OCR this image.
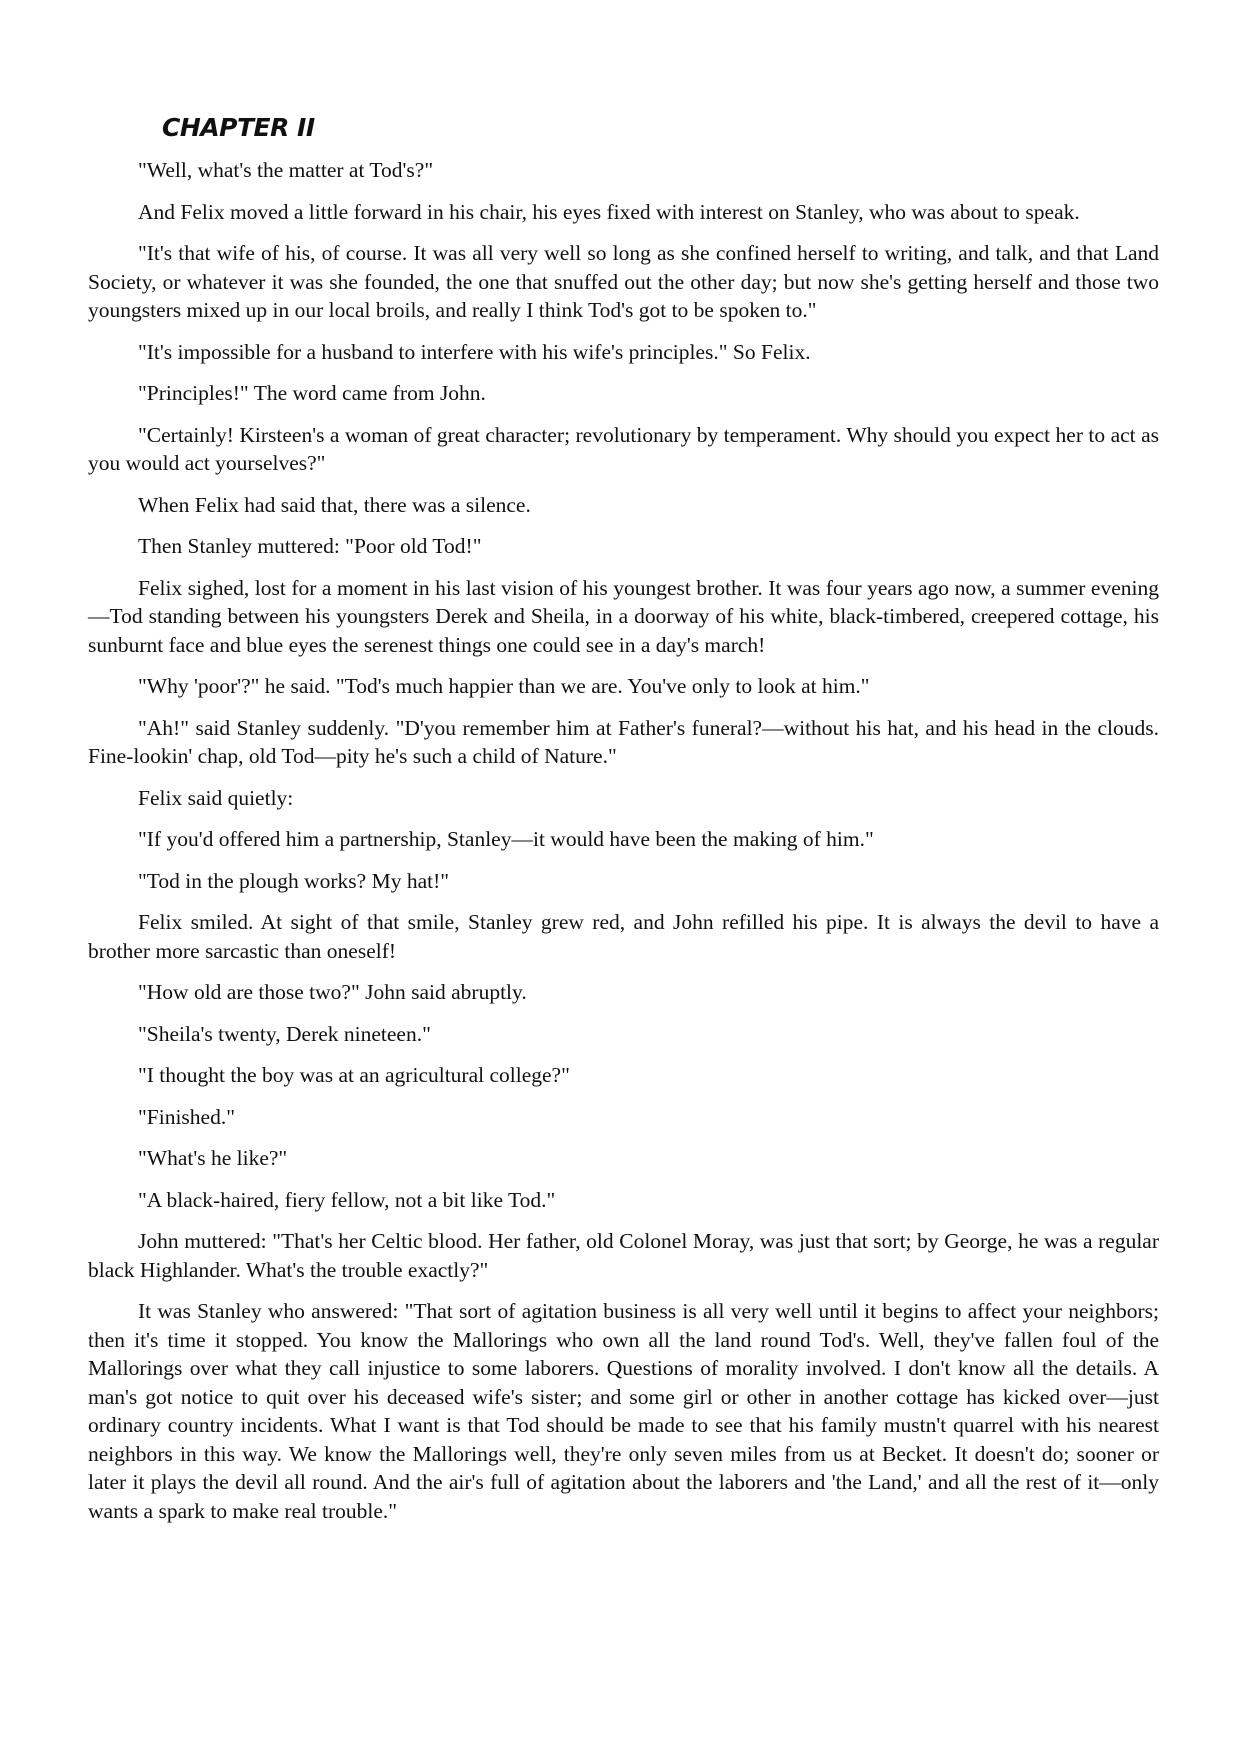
CHAPTER II

"Well, what's the matter at Tod's?"

And Felix moved a little forward in his chair, his eyes fixed with interest on Stanley, who was about to speak.

"It's that wife of his, of course. It was all very well so long as she confined herself to writing, and talk, and that Land Society, or whatever it was she founded, the one that snuffed out the other day; but now she's getting herself and those two youngsters mixed up in our local broils, and really I think Tod's got to be spoken to."

"It's impossible for a husband to interfere with his wife's principles." So Felix.

"Principles!" The word came from John.

"Certainly! Kirsteen's a woman of great character; revolutionary by temperament. Why should you expect her to act as you would act yourselves?"

When Felix had said that, there was a silence.

Then Stanley muttered: "Poor old Tod!"

Felix sighed, lost for a moment in his last vision of his youngest brother. It was four years ago now, a summer evening—Tod standing between his youngsters Derek and Sheila, in a doorway of his white, black-timbered, creepered cottage, his sunburnt face and blue eyes the serenest things one could see in a day's march!

"Why 'poor'?" he said. "Tod's much happier than we are. You've only to look at him."

"Ah!" said Stanley suddenly. "D'you remember him at Father's funeral?—without his hat, and his head in the clouds. Fine-lookin' chap, old Tod—pity he's such a child of Nature."

Felix said quietly:

"If you'd offered him a partnership, Stanley—it would have been the making of him."

"Tod in the plough works? My hat!"

Felix smiled. At sight of that smile, Stanley grew red, and John refilled his pipe. It is always the devil to have a brother more sarcastic than oneself!

"How old are those two?" John said abruptly.

"Sheila's twenty, Derek nineteen."

"I thought the boy was at an agricultural college?"

"Finished."

"What's he like?"

"A black-haired, fiery fellow, not a bit like Tod."

John muttered: "That's her Celtic blood. Her father, old Colonel Moray, was just that sort; by George, he was a regular black Highlander. What's the trouble exactly?"

It was Stanley who answered: "That sort of agitation business is all very well until it begins to affect your neighbors; then it's time it stopped. You know the Mallorings who own all the land round Tod's. Well, they've fallen foul of the Mallorings over what they call injustice to some laborers. Questions of morality involved. I don't know all the details. A man's got notice to quit over his deceased wife's sister; and some girl or other in another cottage has kicked over—just ordinary country incidents. What I want is that Tod should be made to see that his family mustn't quarrel with his nearest neighbors in this way. We know the Mallorings well, they're only seven miles from us at Becket. It doesn't do; sooner or later it plays the devil all round. And the air's full of agitation about the laborers and 'the Land,' and all the rest of it—only wants a spark to make real trouble."
